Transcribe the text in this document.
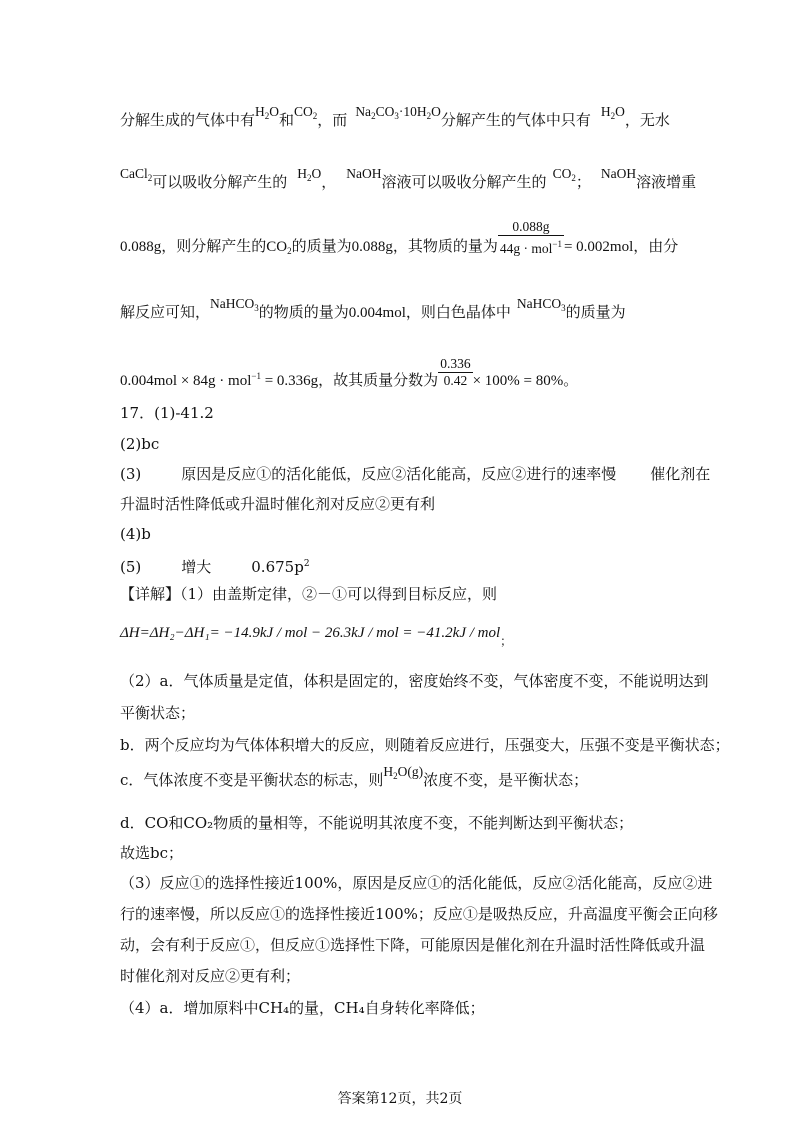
分解生成的气体中有$H_2O$和$CO_2$，而 $Na_2CO_3\cdot 10H_2O$分解产生的气体中只有 $H_2O$，无水
CaCl$_2$可以吸收分解产生的 $H_2O$， NaOH溶液可以吸收分解产生的 $CO_2$； NaOH溶液增重
0.088g，则分解产生的$CO_2$的质量为0.088g，其物质的量为 $\frac{0.088g}{44g \cdot mol^{-1}} = 0.002mol$，由分
解反应可知，NaHCO$_3$的物质的量为0.004mol，则白色晶体中 NaHCO$_3$的质量为
0.004mol × 84g · mol$^{-1}$ = 0.336g，故其质量分数为 $\frac{0.336}{0.42} \times 100\% = 80\%$。
17．(1)-41.2
(2)bc
(3)	原因是反应①的活化能低，反应②活化能高，反应②进行的速率慢 催化剂在
升温时活性降低或升温时催化剂对反应②更有利
(4)b
(5)	增大	$0.675p^2$
【详解】（1）由盖斯定律，②－①可以得到目标反应，则
ΔH=ΔH₂−ΔH₁= −14.9kJ / mol − 26.3kJ / mol = −41.2kJ / mol$_;$
（2）a．气体质量是定值，体积是固定的，密度始终不变，气体密度不变，不能说明达到
平衡状态；
b．两个反应均为气体体积增大的反应，则随着反应进行，压强变大，压强不变是平衡状态；
c．气体浓度不变是平衡状态的标志，则$H_2O(g)$浓度不变，是平衡状态；
d．CO和CO₂物质的量相等，不能说明其浓度不变，不能判断达到平衡状态；
故选bc；
（3）反应①的选择性接近100%，原因是反应①的活化能低，反应②活化能高，反应②进
行的速率慢，所以反应①的选择性接近100%；反应①是吸热反应，升高温度平衡会正向移
动，会有利于反应①，但反应①选择性下降，可能原因是催化剂在升温时活性降低或升温
时催化剂对反应②更有利；
（4）a．增加原料中CH₄的量，CH₄自身转化率降低；
答案第12页，共2页
